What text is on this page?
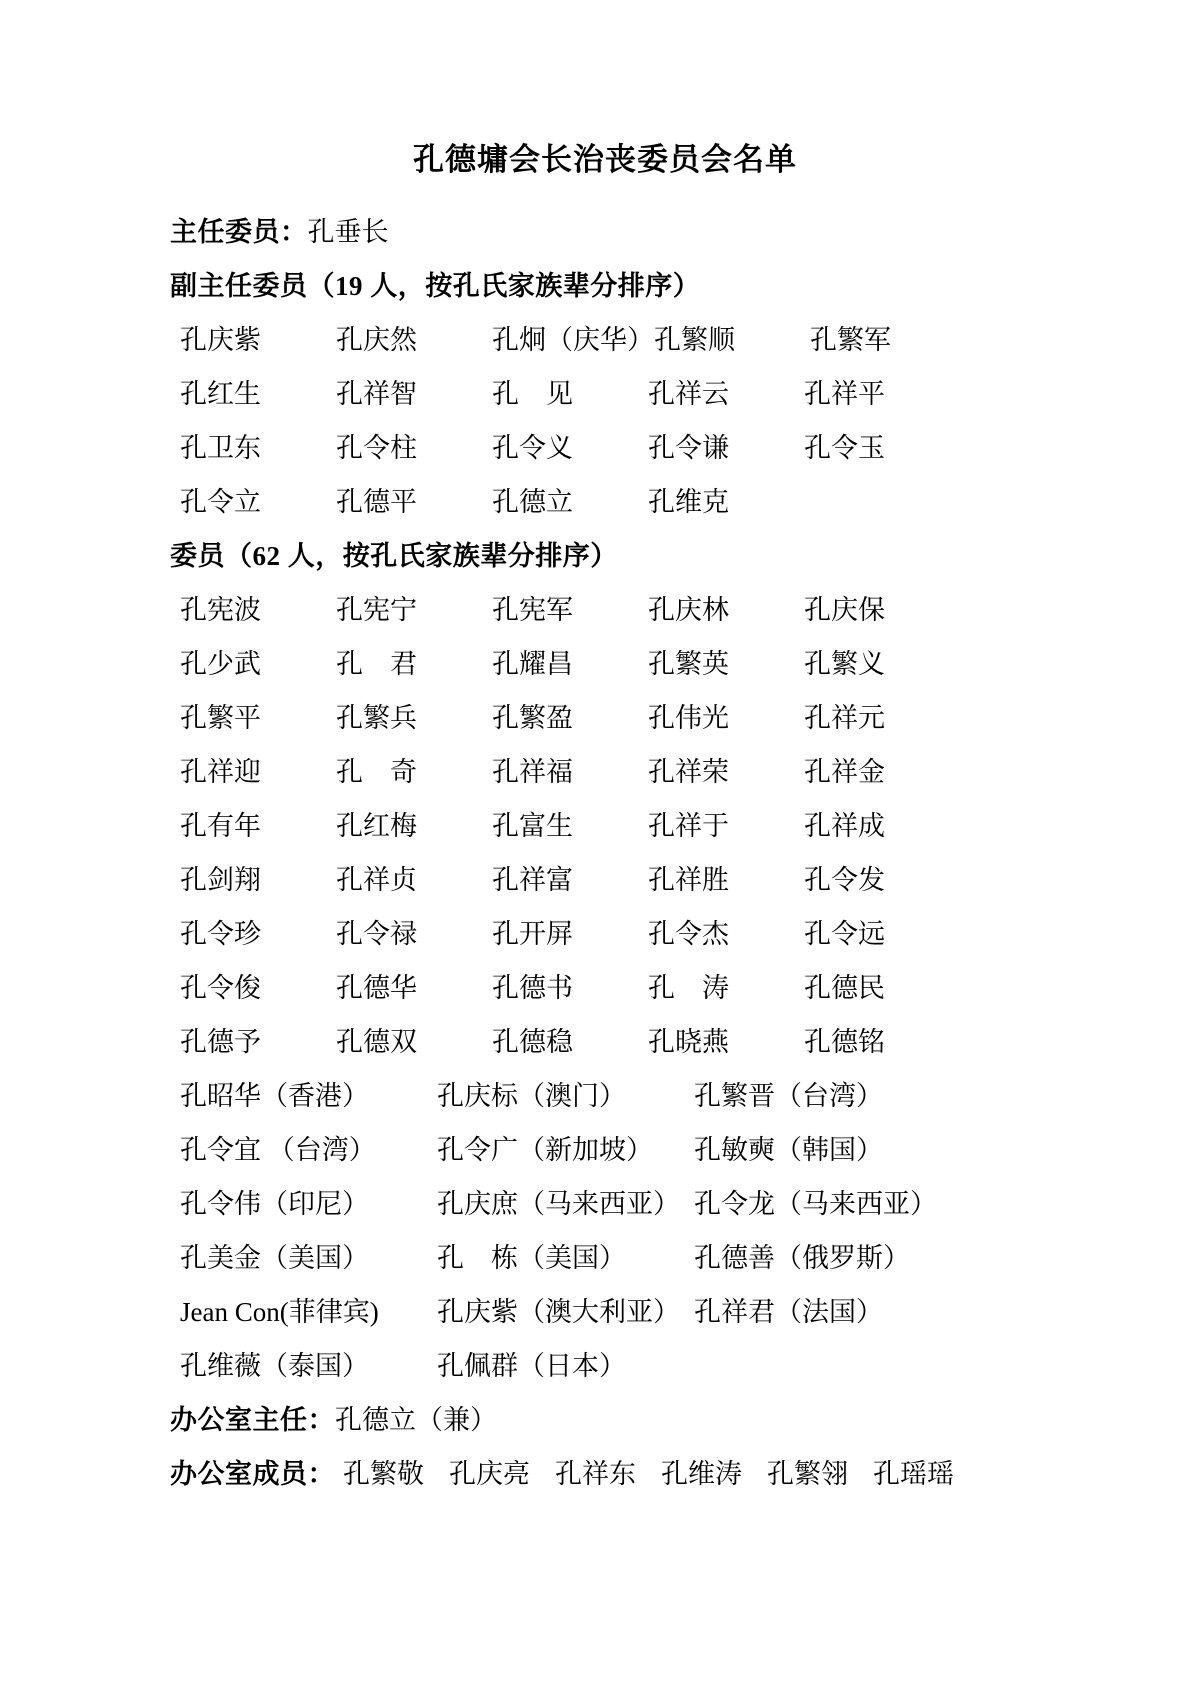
孔德墉会长治丧委员会名单
主任委员： 孔垂长
副主任委员（19 人，按孔氏家族辈分排序）
孔庆紫	孔庆然	孔炯（庆华） 孔繁顺	孔繁军
孔红生	孔祥智	孔　见	孔祥云	孔祥平
孔卫东	孔令柱	孔令义	孔令谦	孔令玉
孔令立	孔德平	孔德立	孔维克
委员（62 人，按孔氏家族辈分排序）
孔宪波	孔宪宁	孔宪军	孔庆林	孔庆保
孔少武	孔　君	孔耀昌	孔繁英	孔繁义
孔繁平	孔繁兵	孔繁盈	孔伟光	孔祥元
孔祥迎	孔　奇	孔祥福	孔祥荣	孔祥金
孔有年	孔红梅	孔富生	孔祥于	孔祥成
孔剑翔	孔祥贞	孔祥富	孔祥胜	孔令发
孔令珍	孔令禄	孔开屏	孔令杰	孔令远
孔令俊	孔德华	孔德书	孔　涛	孔德民
孔德予	孔德双	孔德稳	孔晓燕	孔德铭
孔昭华（香港）	孔庆标（澳门）	孔繁晋（台湾）
孔令宜 （台湾）	孔令广（新加坡）	孔敏奭（韩国）
孔令伟（印尼）	孔庆庶（马来西亚） 孔令龙（马来西亚）
孔美金（美国）	孔　栋（美国）	孔德善（俄罗斯）
Jean Con(菲律宾)	孔庆紫（澳大利亚） 孔祥君（法国）
孔维薇（泰国）	孔佩群（日本）
办公室主任： 孔德立（兼）
办公室成员： 孔繁敬 孔庆亮 孔祥东 孔维涛 孔繁翎 孔瑶瑶
